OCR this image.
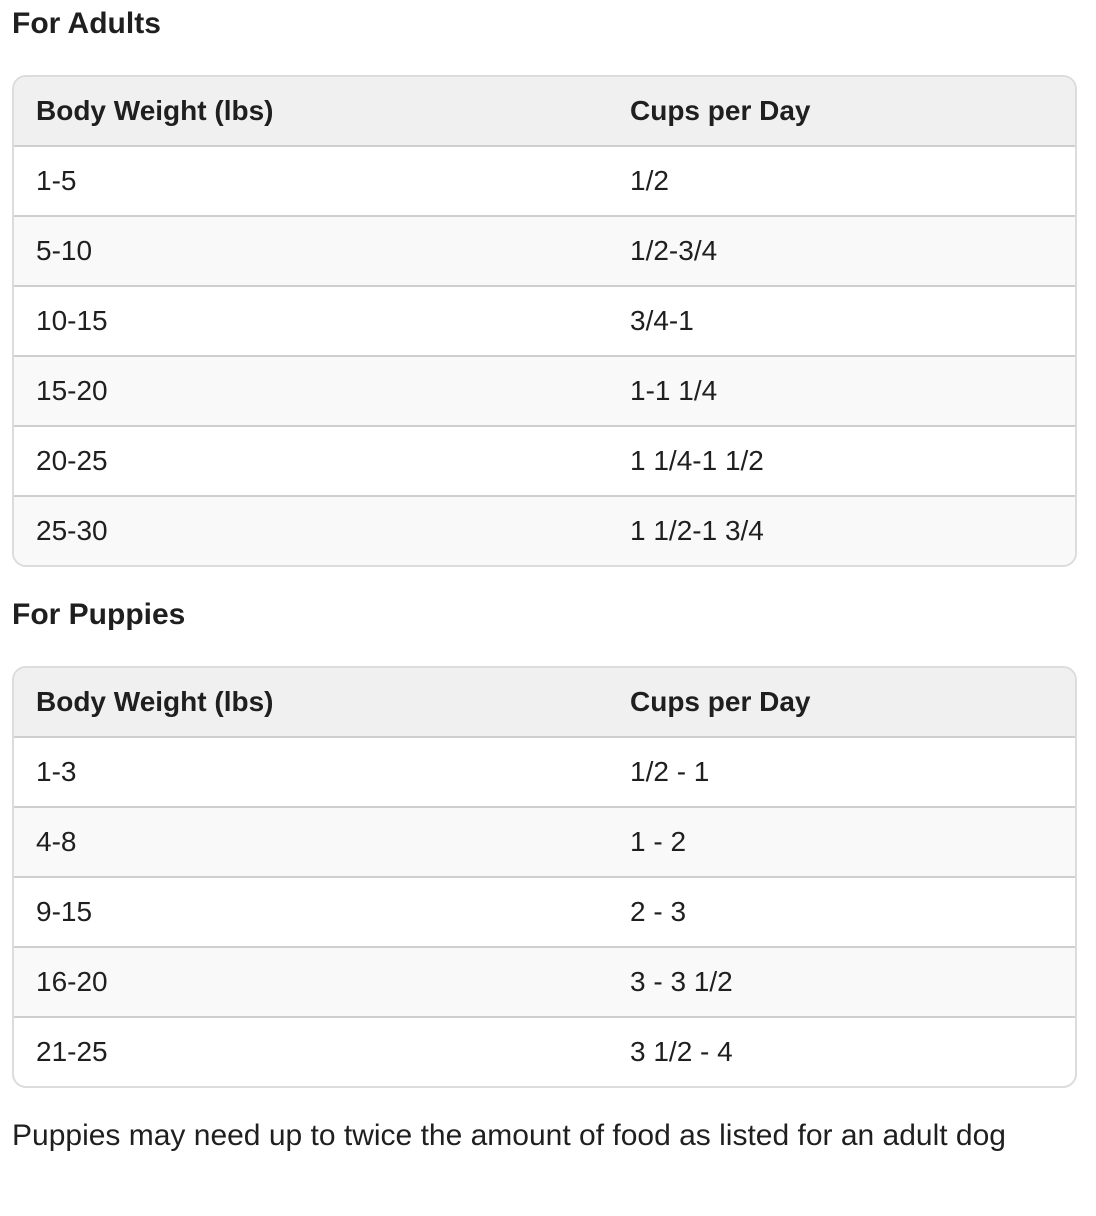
For Adults
Body Weight (lbs)	Cups per Day
1-5	1/2
5-10	1/2-3/4
10-15	3/4-1
15-20	1-1 1/4
20-25	1 1/4-1 1/2
25-30	1 1/2-1 3/4
For Puppies
Body Weight (lbs)	Cups per Day
1-3	1/2 - 1
4-8	1 - 2
9-15	2 - 3
16-20	3 - 3 1/2
21-25	3 1/2 - 4

Puppies may need up to twice the amount of food as listed for an adult dog
